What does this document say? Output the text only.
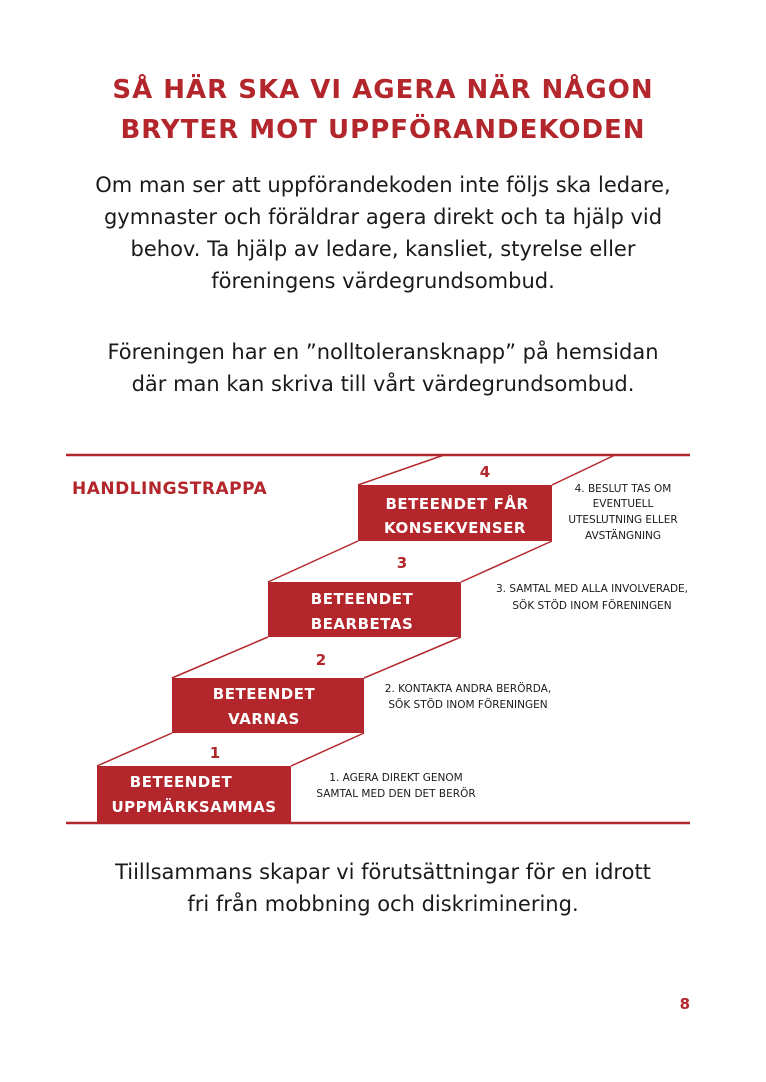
SÅ HÄR SKA VI AGERA NÄR NÅGON
BRYTER MOT UPPFÖRANDEKODEN

Om man ser att uppförandekoden inte följs ska ledare,
gymnaster och föräldrar agera direkt och ta hjälp vid
behov. Ta hjälp av ledare, kansliet, styrelse eller
föreningens värdegrundsombud.

Föreningen har en ”nolltoleransknapp” på hemsidan
där man kan skriva till vårt värdegrundsombud.

HANDLINGSTRAPPA
1
2
3
4
BETEENDET
UPPMÄRKSAMMAS
BETEENDET
VARNAS
BETEENDET
BEARBETAS
BETEENDET FÅR
KONSEKVENSER
1. AGERA DIREKT GENOM
SAMTAL MED DEN DET BERÖR
2. KONTAKTA ANDRA BERÖRDA,
SÖK STÖD INOM FÖRENINGEN
3. SAMTAL MED ALLA INVOLVERADE,
SÖK STÖD INOM FÖRENINGEN
4. BESLUT TAS OM
EVENTUELL
UTESLUTNING ELLER
AVSTÄNGNING

Tiillsammans skapar vi förutsättningar för en idrott
fri från mobbning och diskriminering.

8
